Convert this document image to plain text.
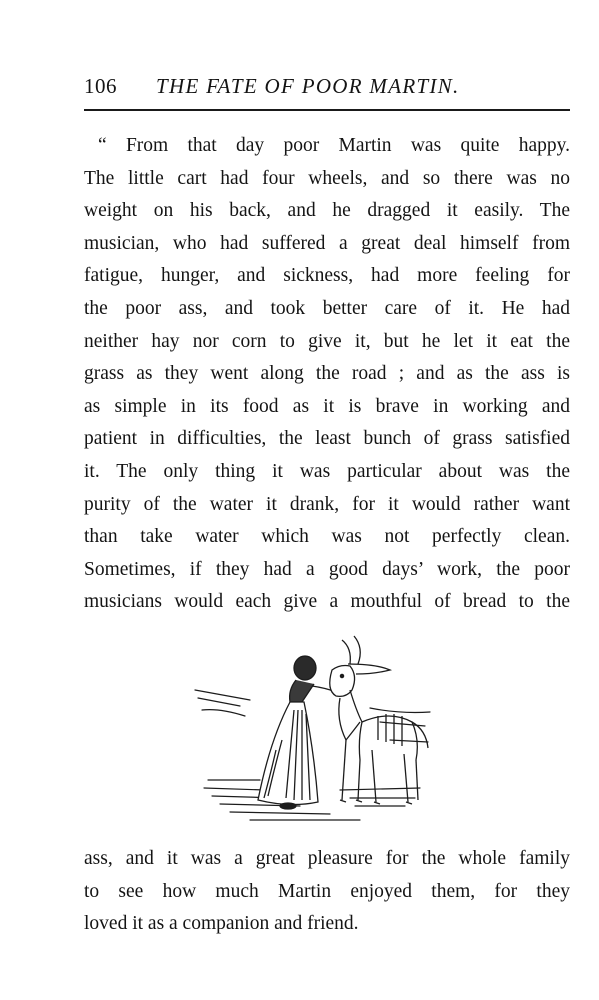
106 THE FATE OF POOR MARTIN.
“ From that day poor Martin was quite happy.
The little cart had four wheels, and so there was no
weight on his back, and he dragged it easily. The
musician, who had suffered a great deal himself from
fatigue, hunger, and sickness, had more feeling for
the poor ass, and took better care of it. He had
neither hay nor corn to give it, but he let it eat the
grass as they went along the road ; and as the ass is
as simple in its food as it is brave in working and
patient in difficulties, the least bunch of grass satisfied
it. The only thing it was particular about was the
purity of the water it drank, for it would rather want
than take water which was not perfectly clean.
Sometimes, if they had a good days’ work, the poor
musicians would each give a mouthful of bread to the
ass, and it was a great pleasure for the whole family
to see how much Martin enjoyed them, for they
loved it as a companion and friend.
